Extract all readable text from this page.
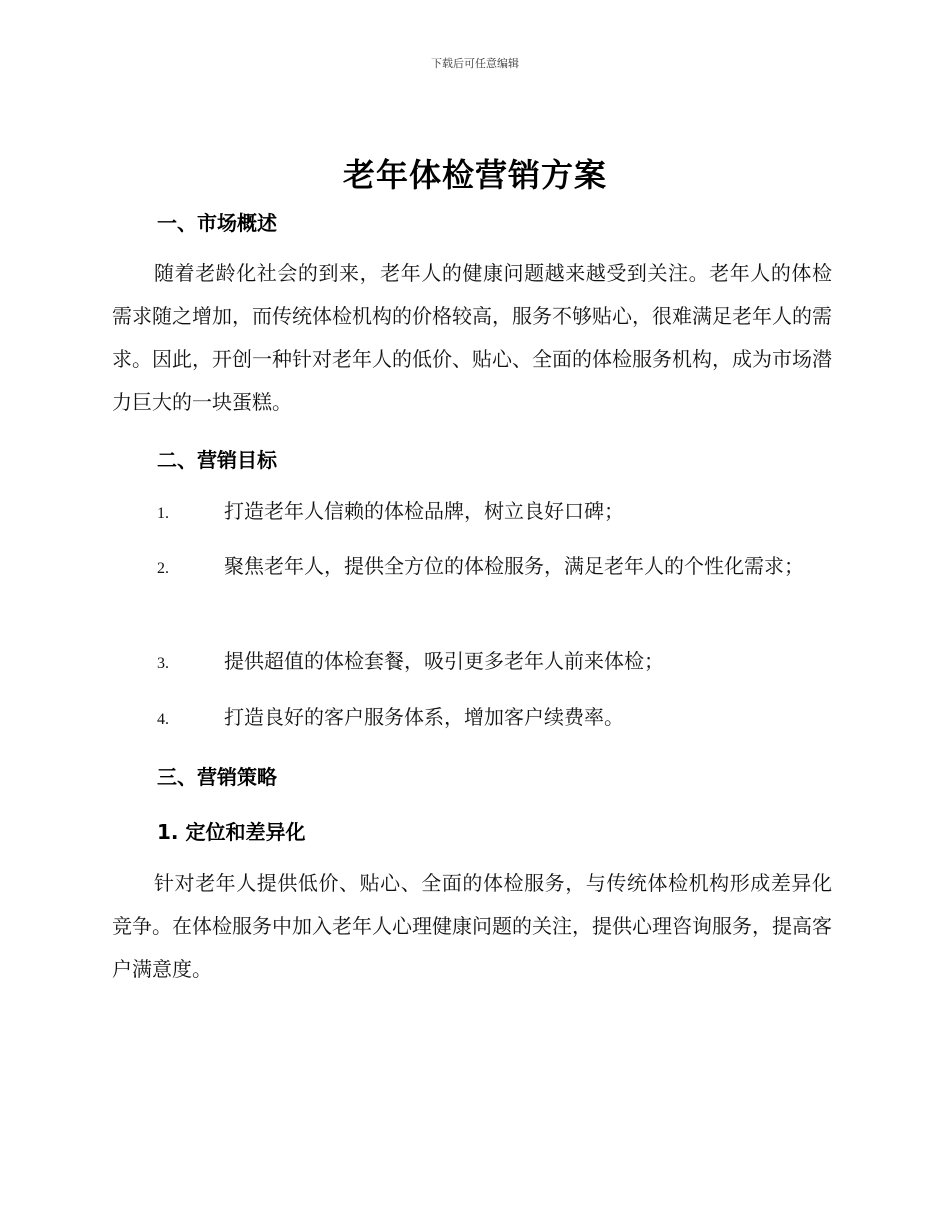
下载后可任意编辑
老年体检营销方案
一、市场概述

随着老龄化社会的到来，老年人的健康问题越来越受到关注。老年人的体检需求随之增加，而传统体检机构的价格较高，服务不够贴心，很难满足老年人的需求。因此，开创一种针对老年人的低价、贴心、全面的体检服务机构，成为市场潜力巨大的一块蛋糕。

二、营销目标
1.	打造老年人信赖的体检品牌，树立良好口碑；
2.	聚焦老年人，提供全方位的体检服务，满足老年人的个性化需求；
3.	提供超值的体检套餐，吸引更多老年人前来体检；
4.	打造良好的客户服务体系，增加客户续费率。
三、营销策略
1. 定位和差异化

针对老年人提供低价、贴心、全面的体检服务，与传统体检机构形成差异化竞争。在体检服务中加入老年人心理健康问题的关注，提供心理咨询服务，提高客户满意度。
